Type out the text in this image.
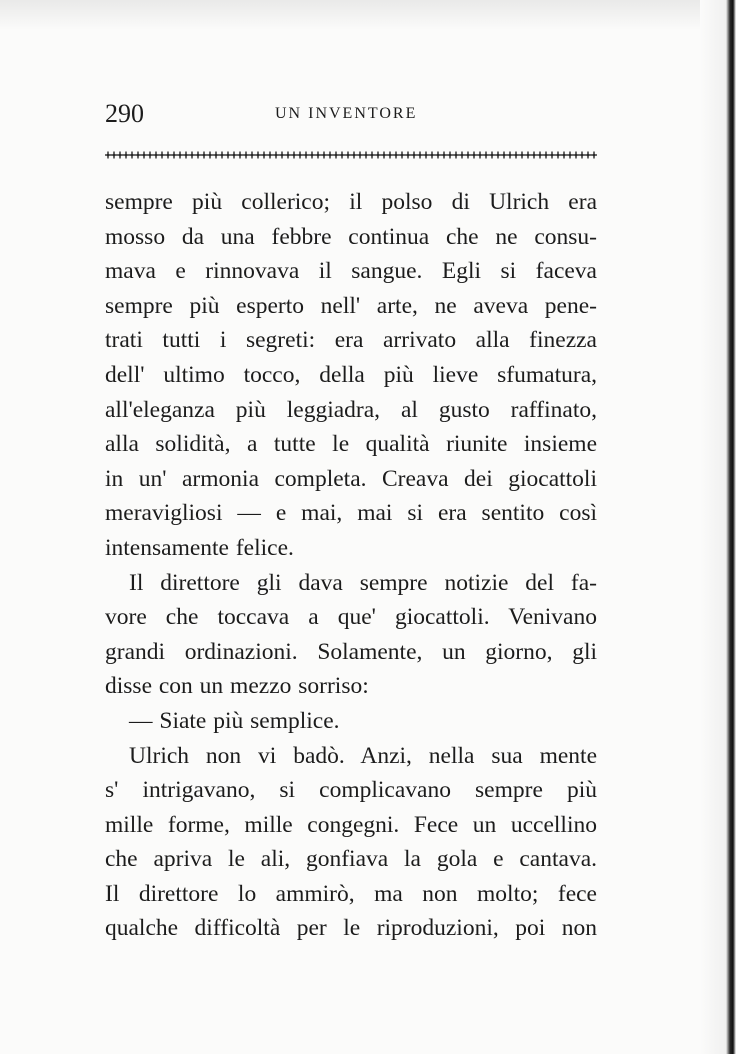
290	UN INVENTORE

sempre più collerico; il polso di Ulrich era

mosso da una febbre continua che ne consu-

mava e rinnovava il sangue. Egli si faceva

sempre più esperto nell' arte, ne aveva pene-

trati tutti i segreti: era arrivato alla finezza

dell' ultimo tocco, della più lieve sfumatura,

all'eleganza più leggiadra, al gusto raffinato,

alla solidità, a tutte le qualità riunite insieme

in un' armonia completa. Creava dei giocattoli

meravigliosi — e mai, mai si era sentito così

intensamente felice.

Il direttore gli dava sempre notizie del fa-

vore che toccava a que' giocattoli. Venivano

grandi ordinazioni. Solamente, un giorno, gli

disse con un mezzo sorriso:

— Siate più semplice.

Ulrich non vi badò. Anzi, nella sua mente

s' intrigavano, si complicavano sempre più

mille forme, mille congegni. Fece un uccellino

che apriva le ali, gonfiava la gola e cantava.

Il direttore lo ammirò, ma non molto; fece

qualche difficoltà per le riproduzioni, poi non
